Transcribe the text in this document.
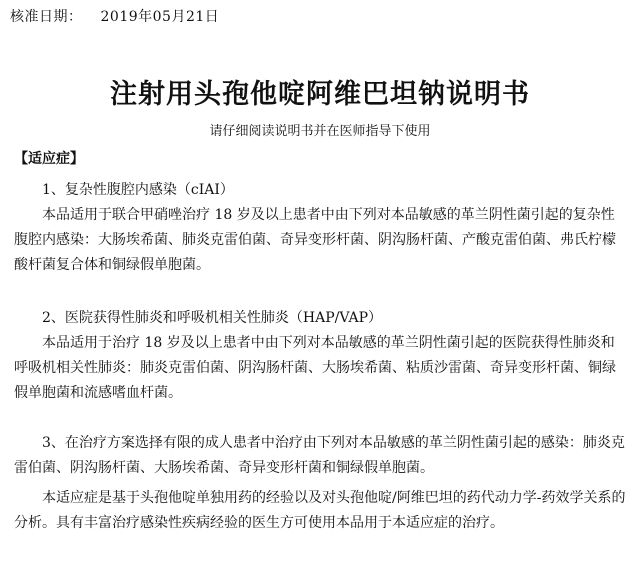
核准日期： 2019年05月21日
注射用头孢他啶阿维巴坦钠说明书
请仔细阅读说明书并在医师指导下使用
【适应症】

1、复杂性腹腔内感染（cIAI）

本品适用于联合甲硝唑治疗 18 岁及以上患者中由下列对本品敏感的革兰阴性菌引起的复杂性腹腔内感染：大肠埃希菌、肺炎克雷伯菌、奇异变形杆菌、阴沟肠杆菌、产酸克雷伯菌、弗氏柠檬酸杆菌复合体和铜绿假单胞菌。

2、医院获得性肺炎和呼吸机相关性肺炎（HAP/VAP）

本品适用于治疗 18 岁及以上患者中由下列对本品敏感的革兰阴性菌引起的医院获得性肺炎和呼吸机相关性肺炎：肺炎克雷伯菌、阴沟肠杆菌、大肠埃希菌、粘质沙雷菌、奇异变形杆菌、铜绿假单胞菌和流感嗜血杆菌。

3、在治疗方案选择有限的成人患者中治疗由下列对本品敏感的革兰阴性菌引起的感染：肺炎克雷伯菌、阴沟肠杆菌、大肠埃希菌、奇异变形杆菌和铜绿假单胞菌。

本适应症是基于头孢他啶单独用药的经验以及对头孢他啶/阿维巴坦的药代动力学-药效学关系的分析。具有丰富治疗感染性疾病经验的医生方可使用本品用于本适应症的治疗。
